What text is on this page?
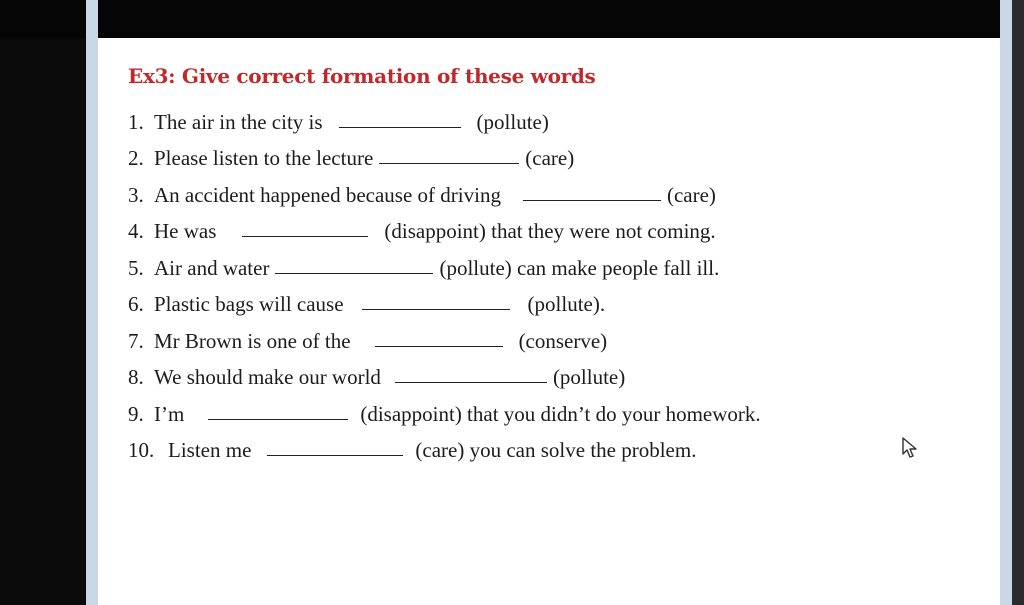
Ex3: Give correct formation of these words
1. The air in the city is	(pollute)
2. Please listen to the lecture	(care)
3. An accident happened because of driving	(care)
4. He was	(disappoint) that they were not coming.
5. Air and water	(pollute) can make people fall ill.
6. Plastic bags will cause	(pollute).
7. Mr Brown is one of the	(conserve)
8. We should make our world	(pollute)
9. I’m	(disappoint) that you didn’t do your homework.
10. Listen me	(care) you can solve the problem.
